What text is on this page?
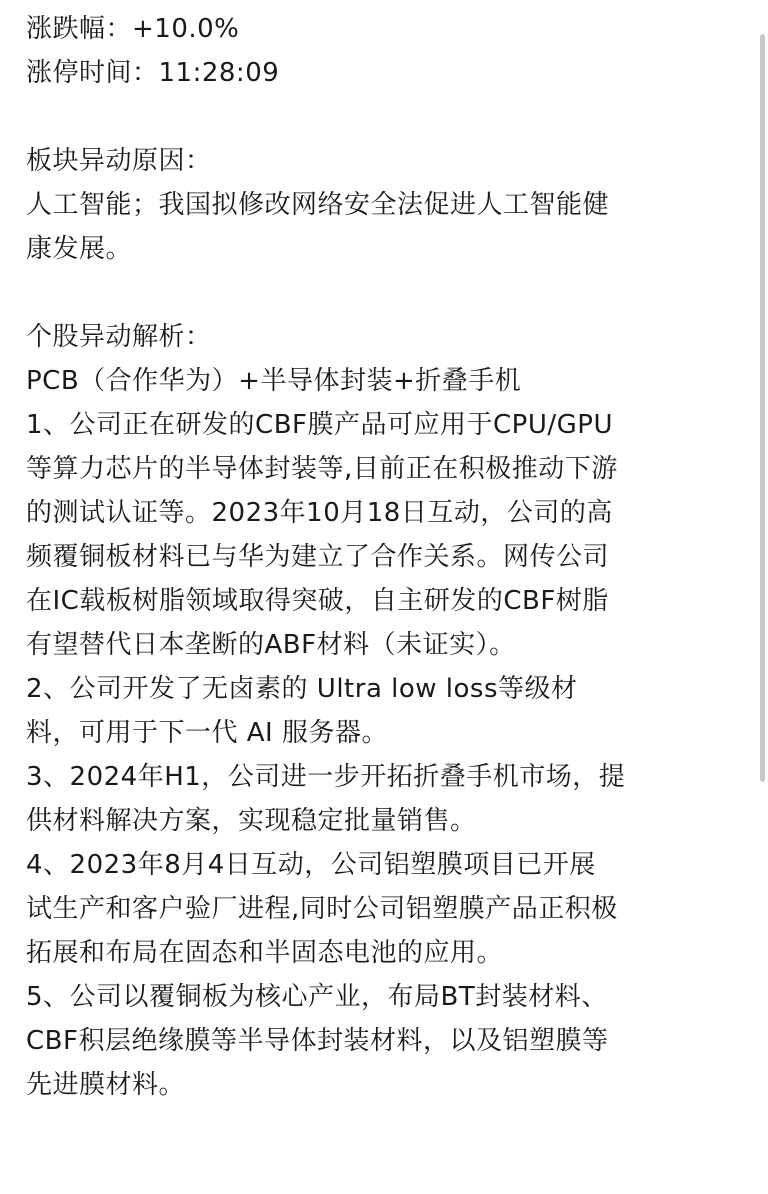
涨跌幅：+10.0%
涨停时间：11:28:09
板块异动原因：
人工智能；我国拟修改网络安全法促进人工智能健
康发展。
个股异动解析：
PCB（合作华为）+半导体封装+折叠手机
1、公司正在研发的CBF膜产品可应用于CPU/GPU
等算力芯片的半导体封装等,目前正在积极推动下游
的测试认证等。2023年10月18日互动，公司的高
频覆铜板材料已与华为建立了合作关系。网传公司
在IC载板树脂领域取得突破，自主研发的CBF树脂
有望替代日本垄断的ABF材料（未证实）。
2、公司开发了无卤素的 Ultra low loss等级材
料，可用于下一代 AI 服务器。
3、2024年H1，公司进一步开拓折叠手机市场，提
供材料解决方案，实现稳定批量销售。
4、2023年8月4日互动，公司铝塑膜项目已开展
试生产和客户验厂进程,同时公司铝塑膜产品正积极
拓展和布局在固态和半固态电池的应用。
5、公司以覆铜板为核心产业，布局BT封装材料、
CBF积层绝缘膜等半导体封装材料，以及铝塑膜等
先进膜材料。
